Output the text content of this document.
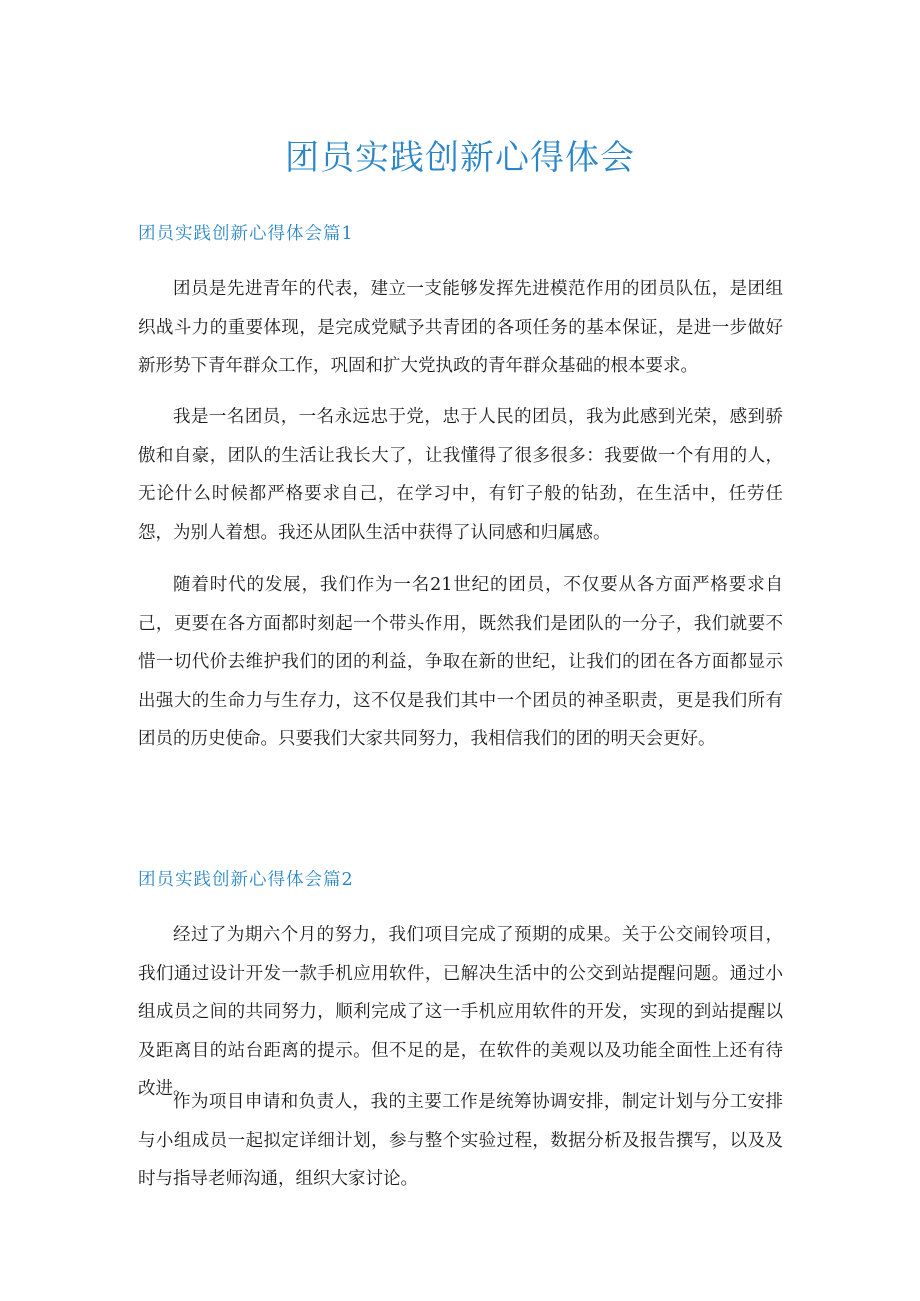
团员实践创新心得体会
团员实践创新心得体会篇1

团员是先进青年的代表，建立一支能够发挥先进模范作用的团员队伍，是团组织战斗力的重要体现，是完成党赋予共青团的各项任务的基本保证，是进一步做好新形势下青年群众工作，巩固和扩大党执政的青年群众基础的根本要求。

我是一名团员，一名永远忠于党，忠于人民的团员，我为此感到光荣，感到骄傲和自豪，团队的生活让我长大了，让我懂得了很多很多：我要做一个有用的人，无论什么时候都严格要求自己，在学习中，有钉子般的钻劲，在生活中，任劳任怨，为别人着想。我还从团队生活中获得了认同感和归属感。

随着时代的发展，我们作为一名21世纪的团员，不仅要从各方面严格要求自己，更要在各方面都时刻起一个带头作用，既然我们是团队的一分子，我们就要不惜一切代价去维护我们的团的利益，争取在新的世纪，让我们的团在各方面都显示出强大的生命力与生存力，这不仅是我们其中一个团员的神圣职责，更是我们所有团员的历史使命。只要我们大家共同努力，我相信我们的团的明天会更好。

团员实践创新心得体会篇2

经过了为期六个月的努力，我们项目完成了预期的成果。关于公交闹铃项目，我们通过设计开发一款手机应用软件，已解决生活中的公交到站提醒问题。通过小组成员之间的共同努力，顺利完成了这一手机应用软件的开发，实现的到站提醒以及距离目的站台距离的提示。但不足的是，在软件的美观以及功能全面性上还有待改进。

作为项目申请和负责人，我的主要工作是统筹协调安排，制定计划与分工安排与小组成员一起拟定详细计划，参与整个实验过程，数据分析及报告撰写，以及及时与指导老师沟通，组织大家讨论。
